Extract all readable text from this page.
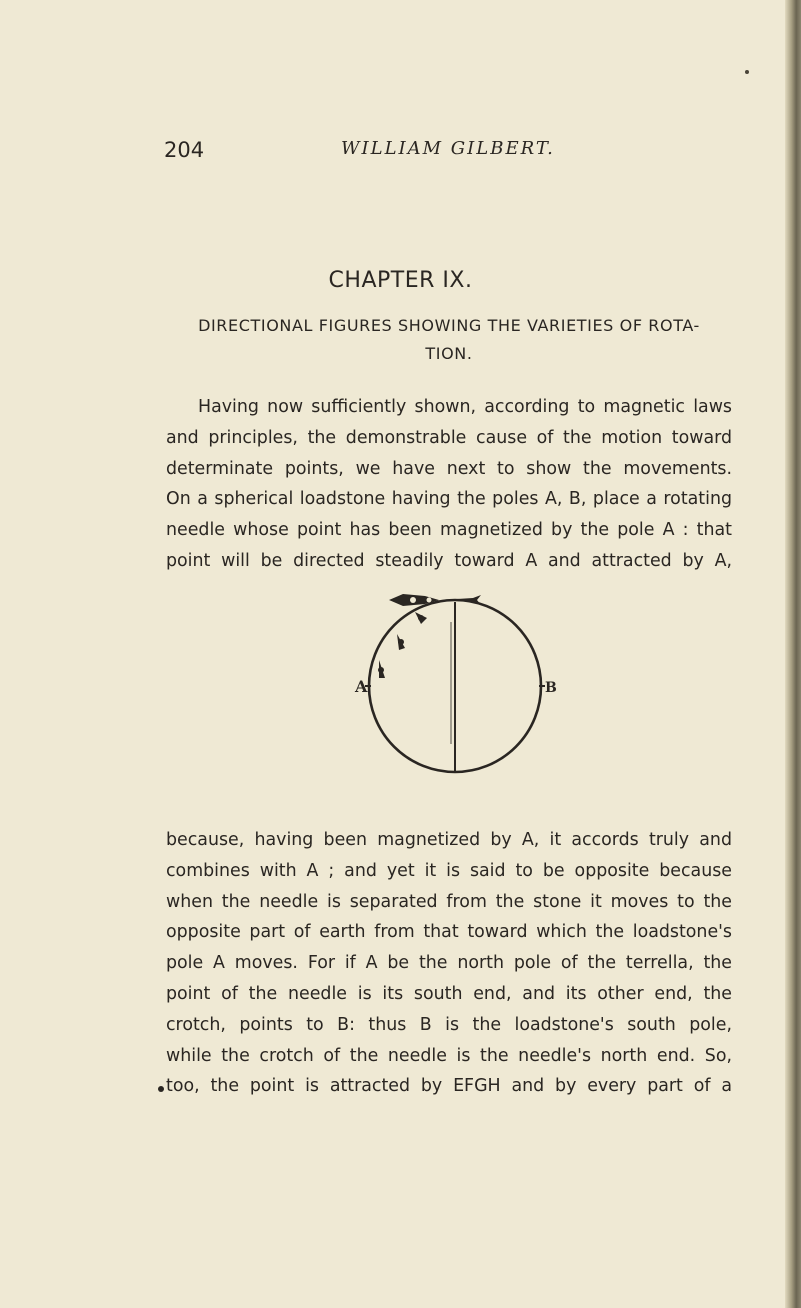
204	WILLIAM GILBERT.
CHAPTER IX.
DIRECTIONAL FIGURES SHOWING THE VARIETIES OF ROTA-
TION.
Having now sufficiently shown, according to magnetic laws
and principles, the demonstrable cause of the motion toward
determinate points, we have next to show the movements.
On a spherical loadstone having the poles A, B, place a rotating
needle whose point has been magnetized by the pole A : that
point will be directed steadily toward A and attracted by A,
A	B
because, having been magnetized by A, it accords truly and
combines with A ; and yet it is said to be opposite because
when the needle is separated from the stone it moves to the
opposite part of earth from that toward which the loadstone's
pole A moves. For if A be the north pole of the terrella, the
point of the needle is its south end, and its other end, the
crotch, points to B: thus B is the loadstone's south pole,
while the crotch of the needle is the needle's north end. So,
too, the point is attracted by EFGH and by every part of a
